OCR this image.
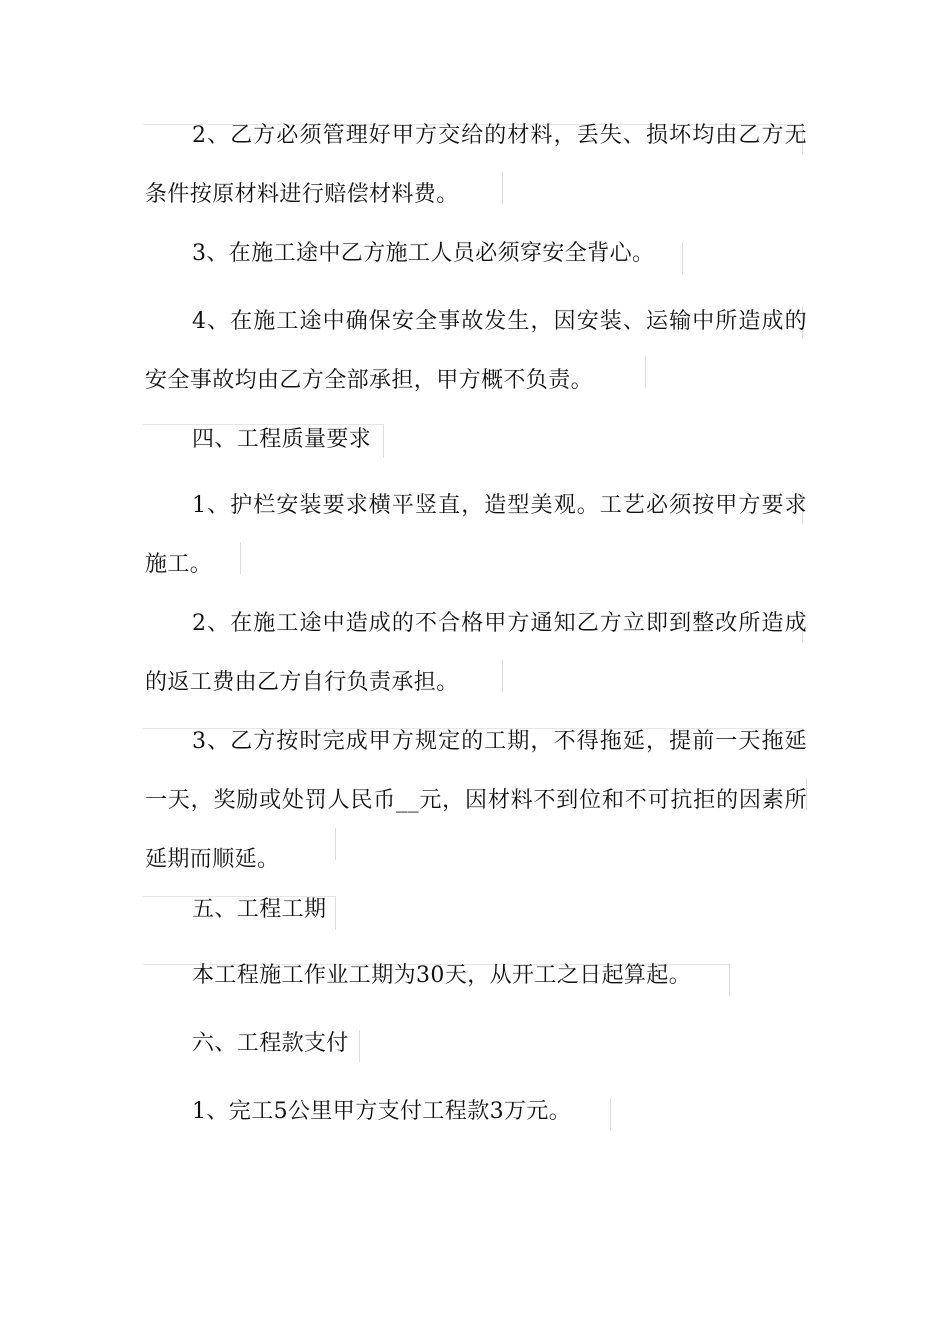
2、乙方必须管理好甲方交给的材料，丢失、损坏均由乙方无条件按原材料进行赔偿材料费。

3、在施工途中乙方施工人员必须穿安全背心。

4、在施工途中确保安全事故发生，因安装、运输中所造成的安全事故均由乙方全部承担，甲方概不负责。

四、工程质量要求

1、护栏安装要求横平竖直，造型美观。工艺必须按甲方要求施工。

2、在施工途中造成的不合格甲方通知乙方立即到整改所造成的返工费由乙方自行负责承担。

3、乙方按时完成甲方规定的工期，不得拖延，提前一天拖延一天，奖励或处罚人民币__元，因材料不到位和不可抗拒的因素所延期而顺延。

五、工程工期

本工程施工作业工期为30天，从开工之日起算起。

六、工程款支付

1、完工5公里甲方支付工程款3万元。
